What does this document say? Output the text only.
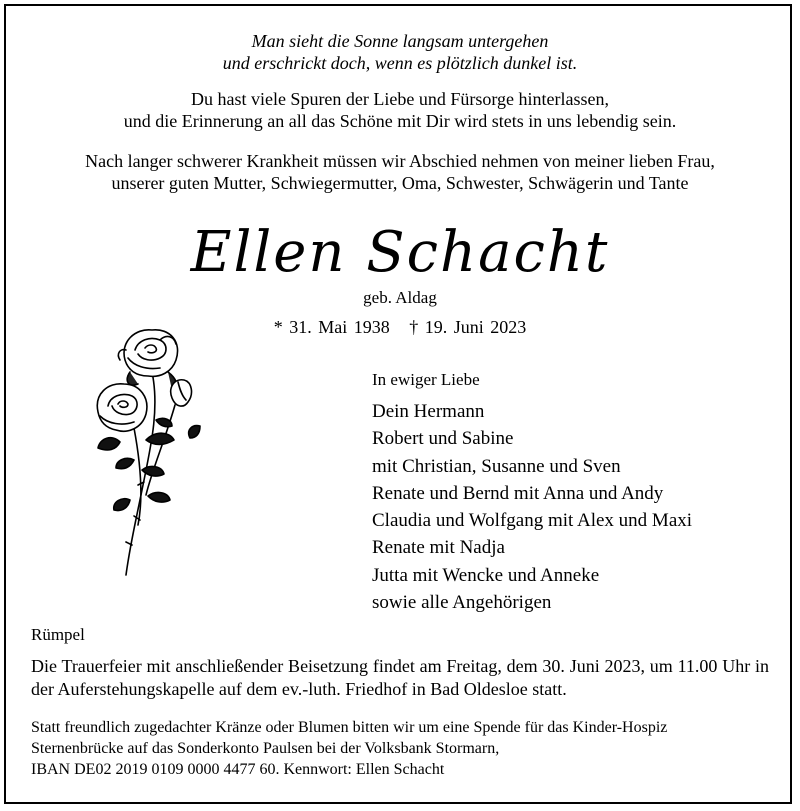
Man sieht die Sonne langsam untergehen
und erschrickt doch, wenn es plötzlich dunkel ist.
Du hast viele Spuren der Liebe und Fürsorge hinterlassen,
und die Erinnerung an all das Schöne mit Dir wird stets in uns lebendig sein.
Nach langer schwerer Krankheit müssen wir Abschied nehmen von meiner lieben Frau,
unserer guten Mutter, Schwiegermutter, Oma, Schwester, Schwägerin und Tante
Ellen Schacht
geb. Aldag
* 31. Mai 1938   † 19. Juni 2023
In ewiger Liebe
Dein Hermann
Robert und Sabine
mit Christian, Susanne und Sven
Renate und Bernd mit Anna und Andy
Claudia und Wolfgang mit Alex und Maxi
Renate mit Nadja
Jutta mit Wencke und Anneke
sowie alle Angehörigen
Rümpel

Die Trauerfeier mit anschließender Beisetzung findet am Freitag, dem 30. Juni 2023, um 11.00 Uhr in der Auferstehungskapelle auf dem ev.-luth. Friedhof in Bad Oldesloe statt.

Statt freundlich zugedachter Kränze oder Blumen bitten wir um eine Spende für das Kinder-Hospiz
Sternenbrücke auf das Sonderkonto Paulsen bei der Volksbank Stormarn,
IBAN DE02 2019 0109 0000 4477 60. Kennwort: Ellen Schacht
